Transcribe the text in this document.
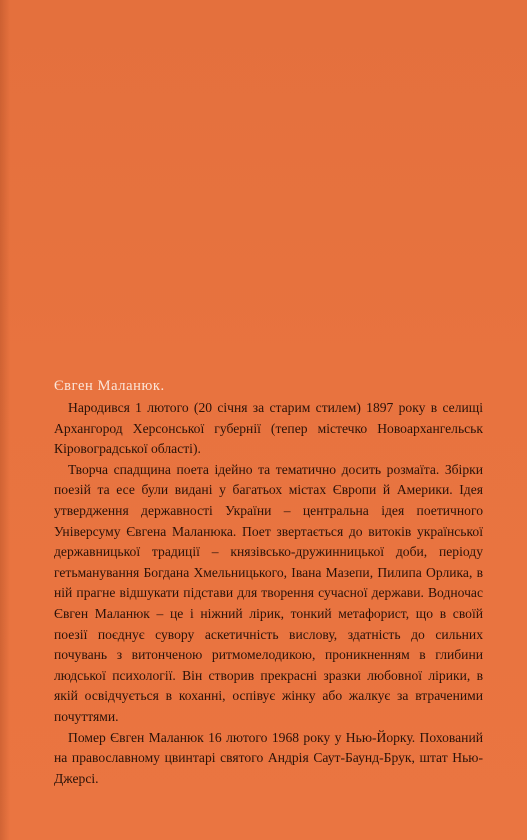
Євген Маланюк.

Народився 1 лютого (20 січня за старим стилем) 1897 року в селищі Архангород Херсонської губернії (тепер містечко Новоархангельськ Кіровоградської області).

Творча спадщина поета ідейно та тематично досить розмаїта. Збірки поезій та есе були видані у багатьох містах Європи й Америки. Ідея утвердження державності України – центральна ідея поетичного Універсуму Євгена Маланюка. Поет звертається до витоків української державницької традиції – князівсько-дружинницької доби, періоду гетьманування Богдана Хмельницького, Івана Мазепи, Пилипа Орлика, в ній прагне відшукати підстави для творення сучасної держави. Водночас Євген Маланюк – це і ніжний лірик, тонкий метафорист, що в своїй поезії поєднує сувору аскетичність вислову, здатність до сильних почувань з витонченою ритмомелодикою, проникненням в глибини людської психології. Він створив прекрасні зразки любовної лірики, в якій освідчується в коханні, оспівує жінку або жалкує за втраченими почуттями.

Помер Євген Маланюк 16 лютого 1968 року у Нью-Йорку. Похований на православному цвинтарі святого Андрія Саут-Баунд-Брук, штат Нью-Джерсі.
